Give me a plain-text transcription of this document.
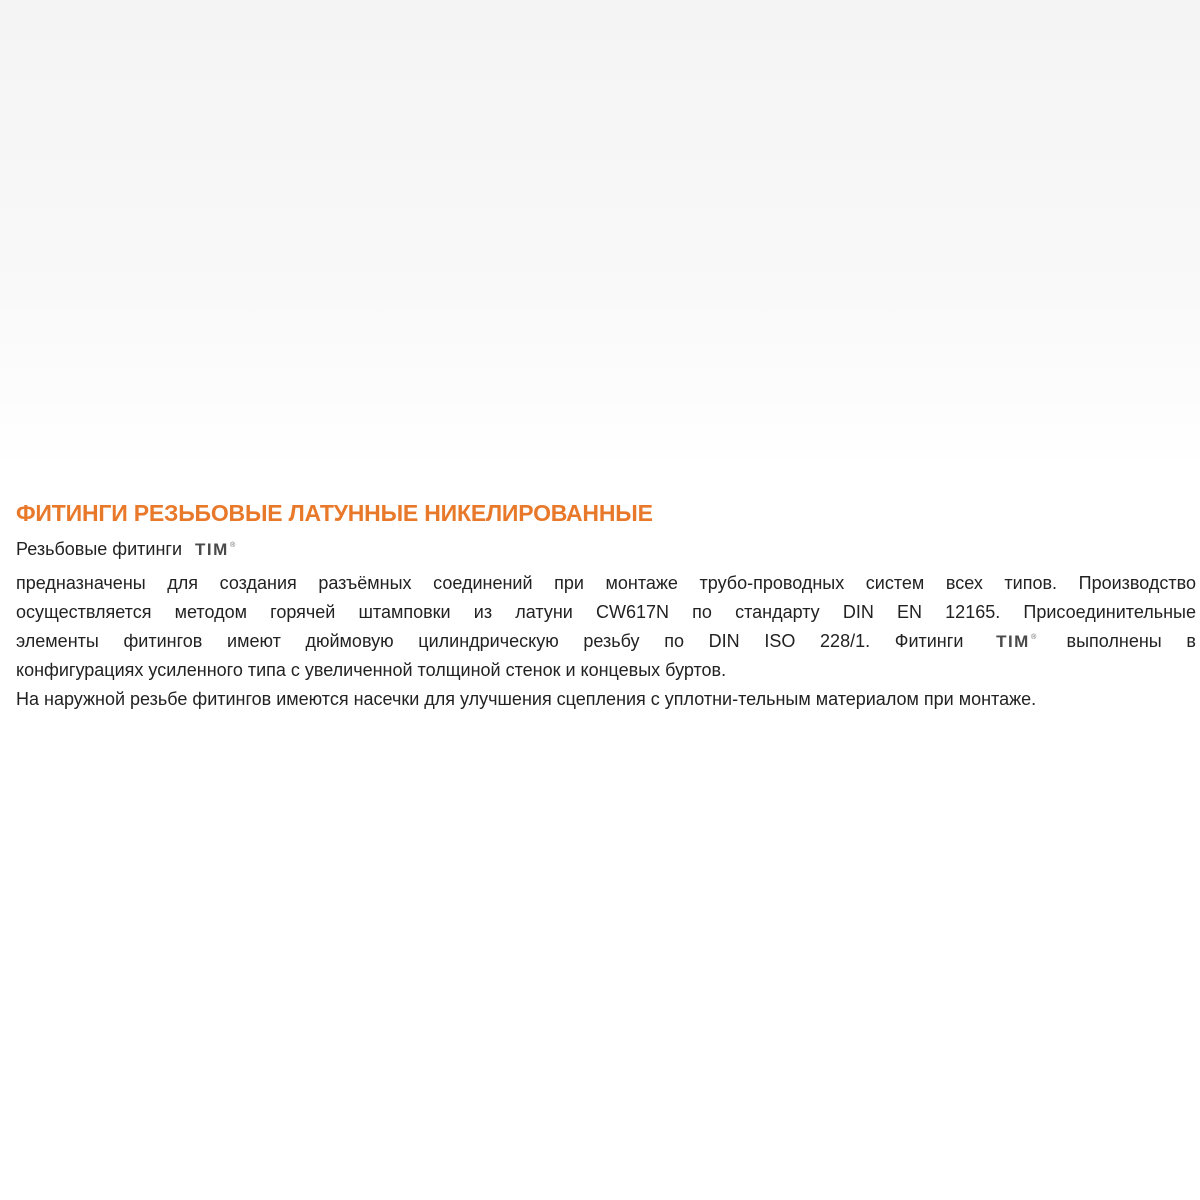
ФИТИНГИ РЕЗЬБОВЫЕ ЛАТУННЫЕ НИКЕЛИРОВАННЫЕ
Резьбовые фитинги TIM ®
предназначены для создания разъёмных соединений при монтаже трубо-проводных систем всех типов. Производство
осуществляется методом горячей штамповки из латуни CW617N по стандарту DIN EN 12165. Присоединительные
элементы фитингов имеют дюймовую цилиндрическую резьбу по DIN ISO 228/1. Фитинги TIM ® выполнены в
конфигурациях усиленного типа с увеличенной толщиной стенок и концевых буртов.
На наружной резьбе фитингов имеются насечки для улучшения сцепления с уплотни-тельным материалом при монтаже.
